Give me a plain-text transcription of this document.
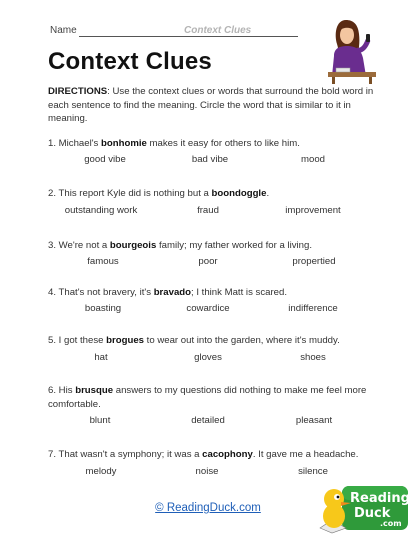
Name	Context Clues
Context Clues
DIRECTIONS: Use the context clues or words that surround the bold word in each sentence to find the meaning. Circle the word that is similar to it in meaning.
1. Michael's bonhomie makes it easy for others to like him.
good vibe	bad vibe	mood
2. This report Kyle did is nothing but a boondoggle.
outstanding work	fraud	improvement
3. We're not a bourgeois family; my father worked for a living.
famous	poor	propertied
4. That's not bravery, it's bravado; I think Matt is scared.
boasting	cowardice	indifference
5. I got these brogues to wear out into the garden, where it's muddy.
hat	gloves	shoes
6. His brusque answers to my questions did nothing to make me feel more comfortable.
blunt	detailed	pleasant
7. That wasn't a symphony; it was a cacophony. It gave me a headache.
melody	noise	silence
© ReadingDuck.com
Reading
Duck
.com
